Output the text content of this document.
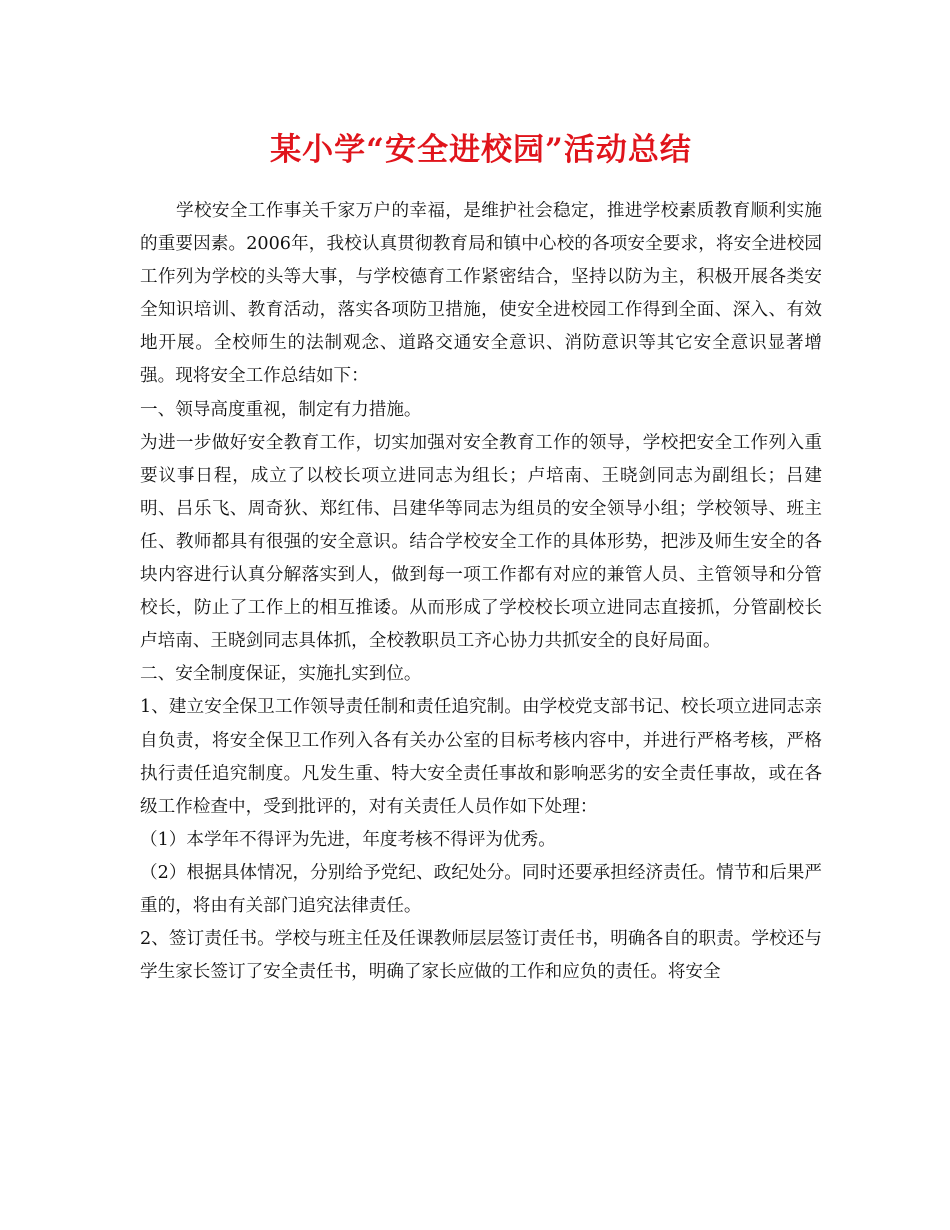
某小学“安全进校园”活动总结

学校安全工作事关千家万户的幸福，是维护社会稳定，推进学校素质教育顺利实施的重要因素。2006年，我校认真贯彻教育局和镇中心校的各项安全要求，将安全进校园工作列为学校的头等大事，与学校德育工作紧密结合，坚持以防为主，积极开展各类安全知识培训、教育活动，落实各项防卫措施，使安全进校园工作得到全面、深入、有效地开展。全校师生的法制观念、道路交通安全意识、消防意识等其它安全意识显著增强。现将安全工作总结如下：

一、领导高度重视，制定有力措施。

为进一步做好安全教育工作，切实加强对安全教育工作的领导，学校把安全工作列入重要议事日程，成立了以校长项立进同志为组长；卢培南、王晓剑同志为副组长；吕建明、吕乐飞、周奇狄、郑红伟、吕建华等同志为组员的安全领导小组；学校领导、班主任、教师都具有很强的安全意识。结合学校安全工作的具体形势，把涉及师生安全的各块内容进行认真分解落实到人，做到每一项工作都有对应的兼管人员、主管领导和分管校长，防止了工作上的相互推诿。从而形成了学校校长项立进同志直接抓，分管副校长卢培南、王晓剑同志具体抓，全校教职员工齐心协力共抓安全的良好局面。

二、安全制度保证，实施扎实到位。

1、建立安全保卫工作领导责任制和责任追究制。由学校党支部书记、校长项立进同志亲自负责，将安全保卫工作列入各有关办公室的目标考核内容中，并进行严格考核，严格执行责任追究制度。凡发生重、特大安全责任事故和影响恶劣的安全责任事故，或在各级工作检查中，受到批评的，对有关责任人员作如下处理：

（1）本学年不得评为先进，年度考核不得评为优秀。

（2）根据具体情况，分别给予党纪、政纪处分。同时还要承担经济责任。情节和后果严重的，将由有关部门追究法律责任。

2、签订责任书。学校与班主任及任课教师层层签订责任书，明确各自的职责。学校还与学生家长签订了安全责任书，明确了家长应做的工作和应负的责任。将安全
